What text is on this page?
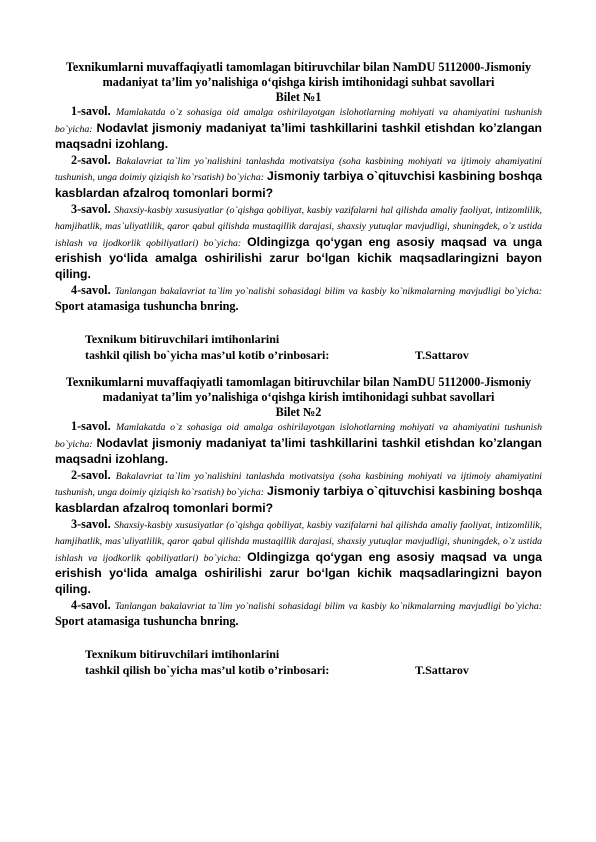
Texnikumlarni muvaffaqiyatli tamomlagan bitiruvchilar bilan NamDU 5112000-Jismoniy
madaniyat ta’lim yo’nalishiga o‘qishga kirish imtihonidagi suhbat savollari
Bilet №1

1-savol. Mamlakatda o`z sohasiga oid amalga oshirilayotgan islohotlarning mohiyati va ahamiyatini tushunish bo`yicha: Nodavlat jismoniy madaniyat ta’limi tashkillarini tashkil etishdan ko’zlangan maqsadni izohlang.

2-savol. Bakalavriat ta`lim yo`nalishini tanlashda motivatsiya (soha kasbining mohiyati va ijtimoiy ahamiyatini tushunish, unga doimiy qiziqish ko`rsatish) bo`yicha: Jismoniy tarbiya o`qituvchisi kasbining boshqa kasblardan afzalroq tomonlari bormi?

3-savol. Shaxsiy-kasbiy xususiyatlar (o`qishga qobiliyat, kasbiy vazifalarni hal qilishda amaliy faoliyat, intizomlilik, hamjihatlik, mas`uliyatlilik, qaror qabul qilishda mustaqillik darajasi, shaxsiy yutuqlar mavjudligi, shuningdek, o`z ustida ishlash va ijodkorlik qobiliyatlari) bo`yicha: Oldingizga qo‘ygan eng asosiy maqsad va unga erishish yo‘lida amalga oshirilishi zarur bo‘lgan kichik maqsadlaringizni bayon qiling.

4-savol. Tanlangan bakalavriat ta`lim yo`nalishi sohasidagi bilim va kasbiy ko`nikmalarning mavjudligi bo`yicha: Sport atamasiga tushuncha bnring.

Texnikum bitiruvchilari imtihonlarini
tashkil qilish bo`yicha mas’ul kotib o’rinbosari:	T.Sattarov
Texnikumlarni muvaffaqiyatli tamomlagan bitiruvchilar bilan NamDU 5112000-Jismoniy
madaniyat ta’lim yo’nalishiga o‘qishga kirish imtihonidagi suhbat savollari
Bilet №2

1-savol. Mamlakatda o`z sohasiga oid amalga oshirilayotgan islohotlarning mohiyati va ahamiyatini tushunish bo`yicha: Nodavlat jismoniy madaniyat ta’limi tashkillarini tashkil etishdan ko’zlangan maqsadni izohlang.

2-savol. Bakalavriat ta`lim yo`nalishini tanlashda motivatsiya (soha kasbining mohiyati va ijtimoiy ahamiyatini tushunish, unga doimiy qiziqish ko`rsatish) bo`yicha: Jismoniy tarbiya o`qituvchisi kasbining boshqa kasblardan afzalroq tomonlari bormi?

3-savol. Shaxsiy-kasbiy xususiyatlar (o`qishga qobiliyat, kasbiy vazifalarni hal qilishda amaliy faoliyat, intizomlilik, hamjihatlik, mas`uliyatlilik, qaror qabul qilishda mustaqillik darajasi, shaxsiy yutuqlar mavjudligi, shuningdek, o`z ustida ishlash va ijodkorlik qobiliyatlari) bo`yicha: Oldingizga qo‘ygan eng asosiy maqsad va unga erishish yo‘lida amalga oshirilishi zarur bo‘lgan kichik maqsadlaringizni bayon qiling.

4-savol. Tanlangan bakalavriat ta`lim yo`nalishi sohasidagi bilim va kasbiy ko`nikmalarning mavjudligi bo`yicha: Sport atamasiga tushuncha bnring.

Texnikum bitiruvchilari imtihonlarini
tashkil qilish bo`yicha mas’ul kotib o’rinbosari:	T.Sattarov
